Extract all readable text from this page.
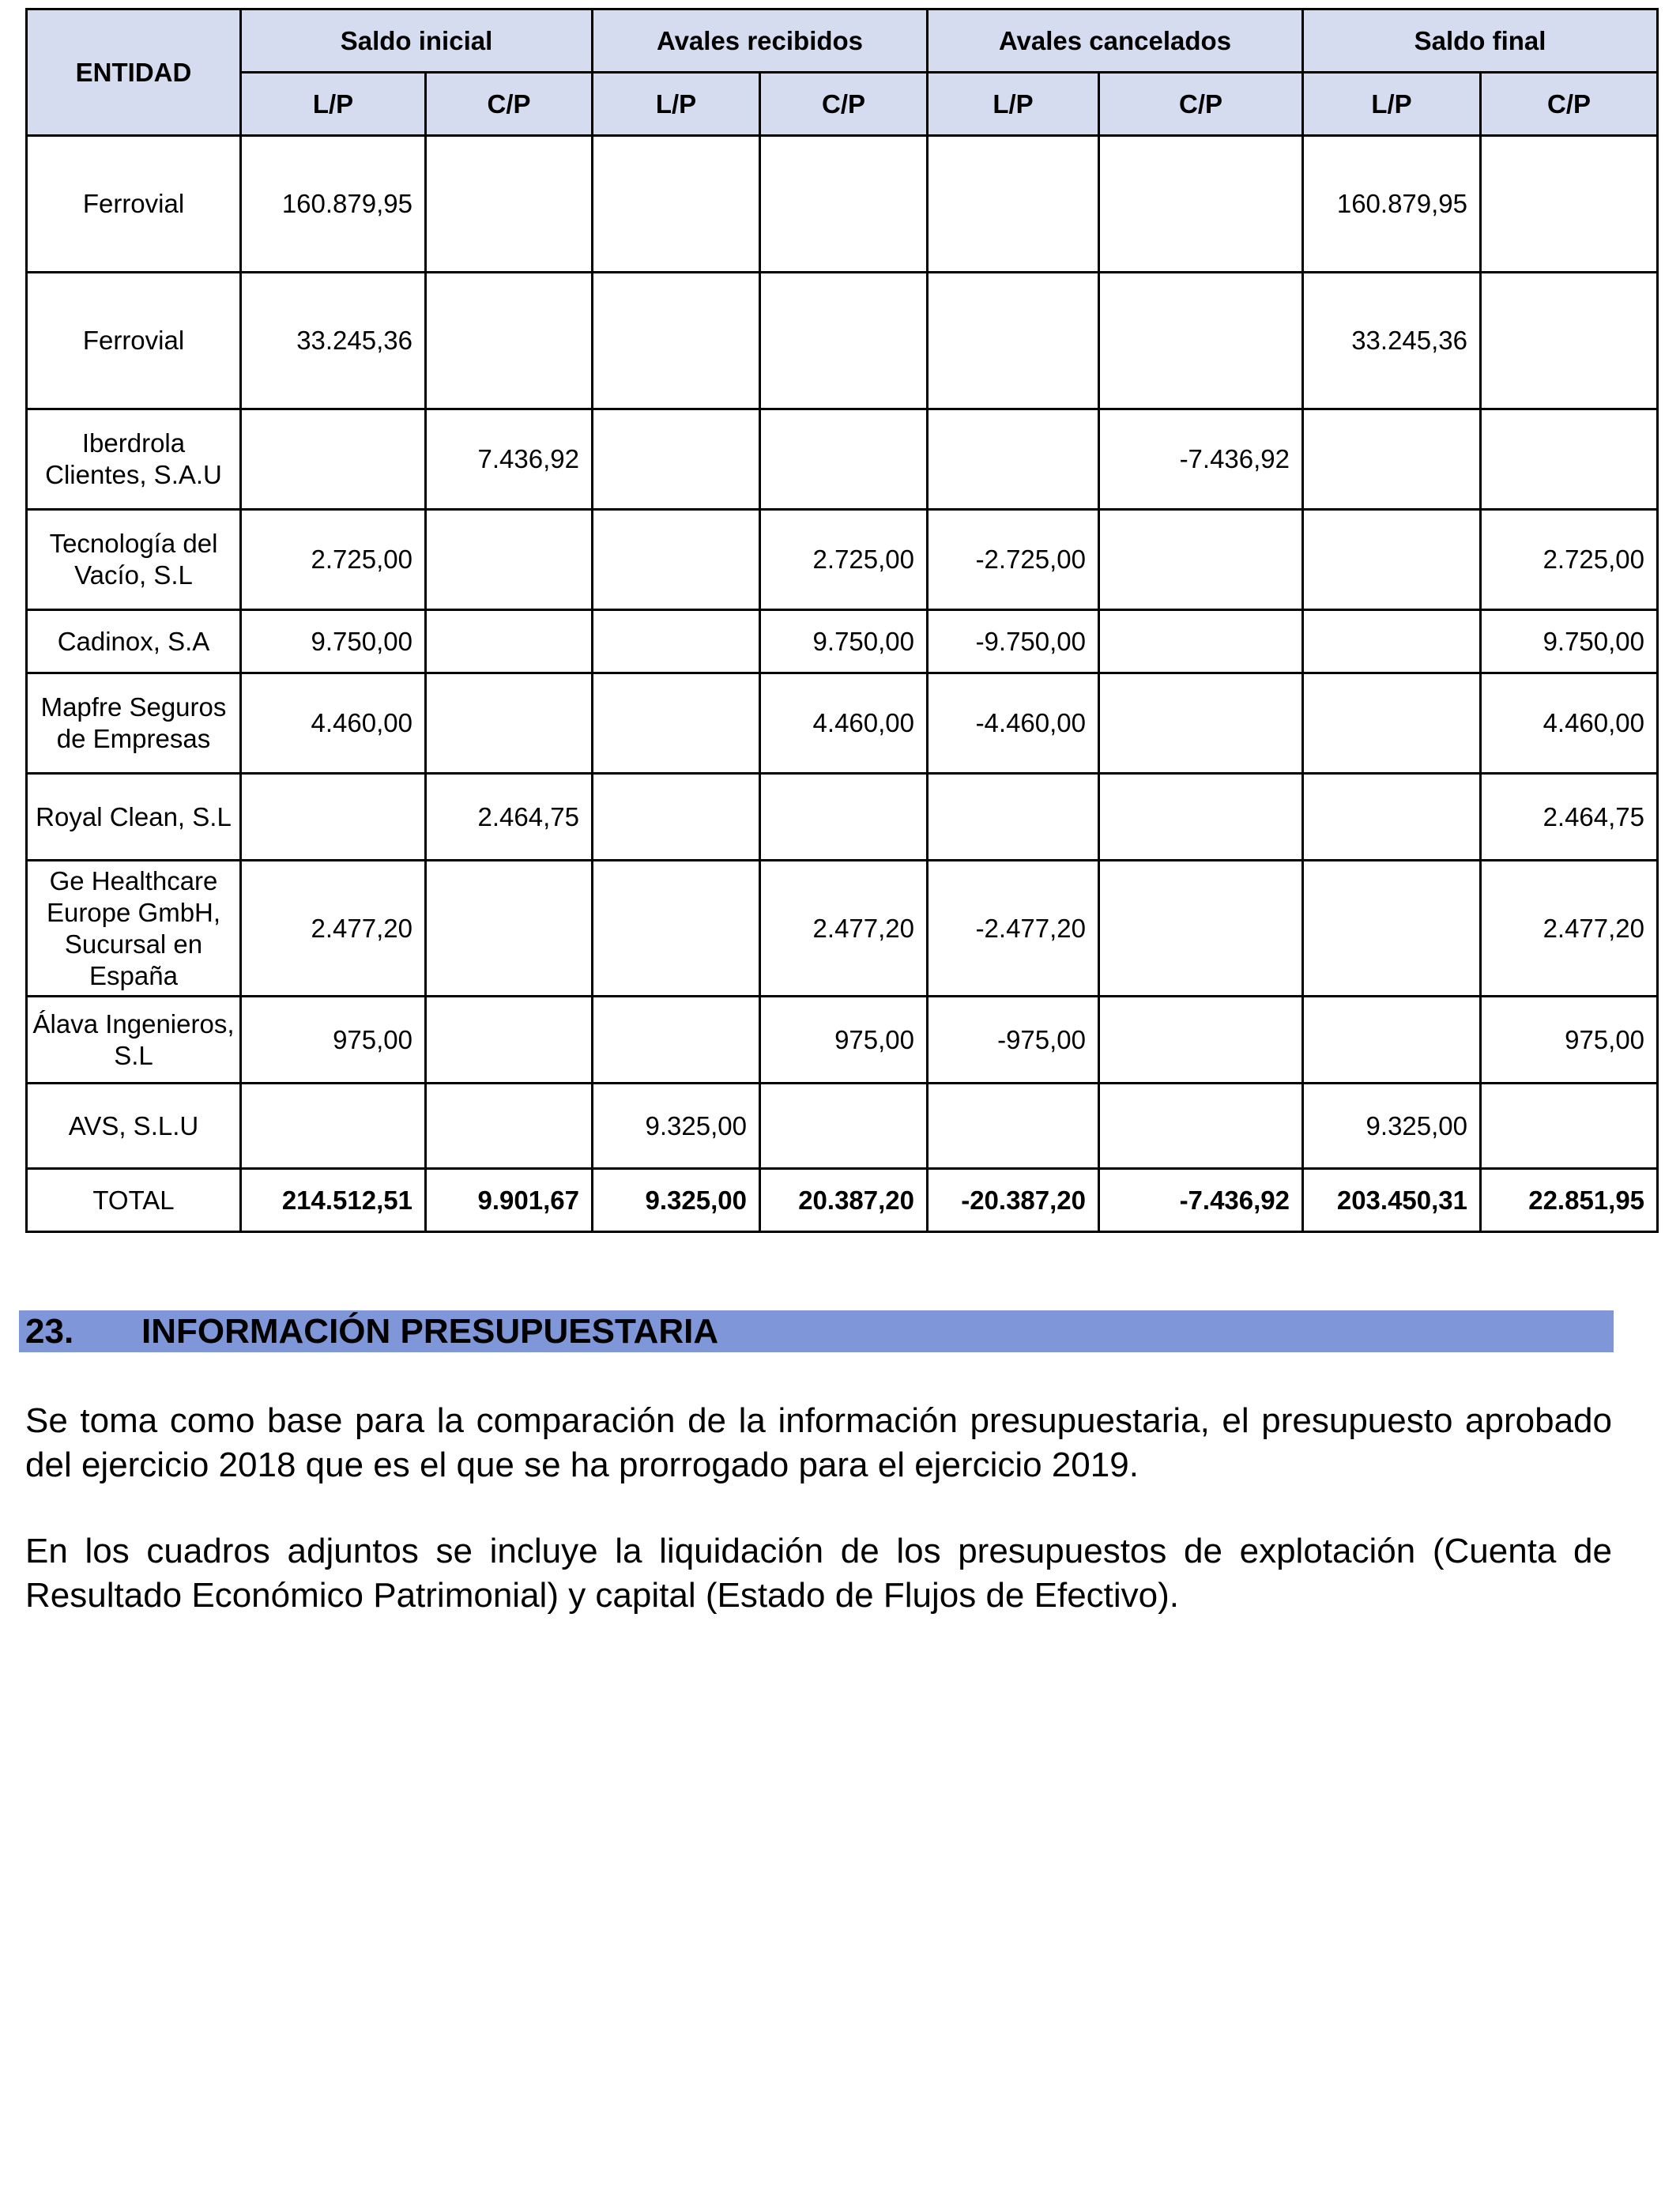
ENTIDAD	Saldo inicial		Avales recibidos		Avales cancelados		Saldo final	
	L/P	C/P	L/P	C/P	L/P	C/P	L/P	C/P
Ferrovial	160.879,95						160.879,95	
Ferrovial	33.245,36						33.245,36	
Iberdrola Clientes, S.A.U		7.436,92				-7.436,92		
Tecnología del Vacío, S.L	2.725,00			2.725,00	-2.725,00			2.725,00
Cadinox, S.A	9.750,00			9.750,00	-9.750,00			9.750,00
Mapfre Seguros de Empresas	4.460,00			4.460,00	-4.460,00			4.460,00
Royal Clean, S.L		2.464,75						2.464,75
Ge Healthcare Europe GmbH, Sucursal en España	2.477,20			2.477,20	-2.477,20			2.477,20
Álava Ingenieros, S.L	975,00			975,00	-975,00			975,00
AVS, S.L.U			9.325,00				9.325,00	
TOTAL	214.512,51	9.901,67	9.325,00	20.387,20	-20.387,20	-7.436,92	203.450,31	22.851,95
23. INFORMACIÓN PRESUPUESTARIA

Se toma como base para la comparación de la información presupuestaria, el presupuesto aprobado del ejercicio 2018 que es el que se ha prorrogado para el ejercicio 2019.

En los cuadros adjuntos se incluye la liquidación de los presupuestos de explotación (Cuenta de Resultado Económico Patrimonial) y capital (Estado de Flujos de Efectivo).
